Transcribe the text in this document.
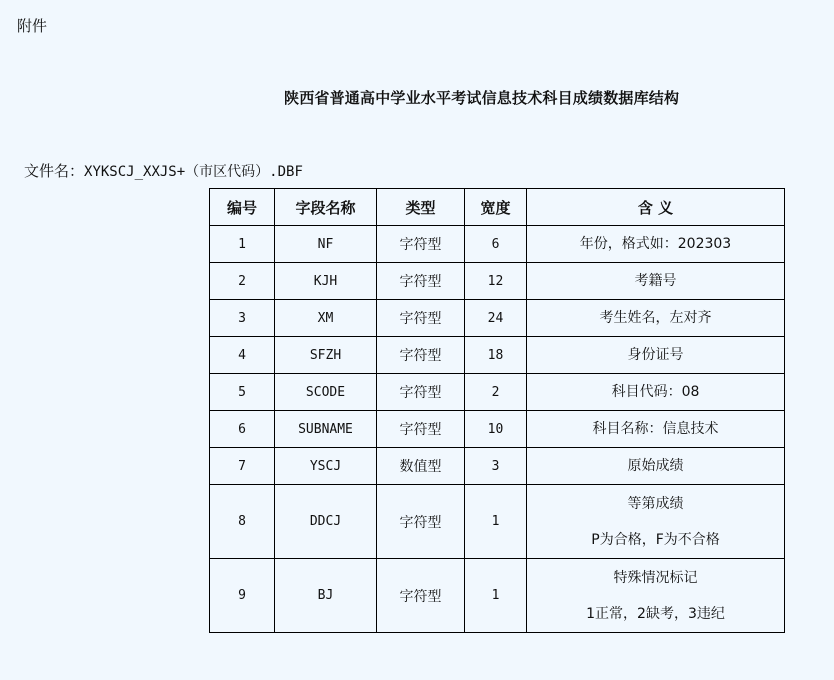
附件
陕西省普通高中学业水平考试信息技术科目成绩数据库结构
文件名：XYKSCJ_XXJS+（市区代码）.DBF
编号	字段名称	类型	宽度	含 义
1	NF	字符型	6	年份，格式如：202303

2	KJH	字符型	12	考籍号

3	XM	字符型	24	考生姓名，左对齐

4	SFZH	字符型	18	身份证号

5	SCODE	字符型	2	科目代码：08

6	SUBNAME	字符型	10	科目名称：信息技术

7	YSCJ	数值型	3	原始成绩

8	DDCJ	字符型	1	等第成绩
P为合格，F为不合格

9	BJ	字符型	1	特殊情况标记
1正常，2缺考，3违纪
